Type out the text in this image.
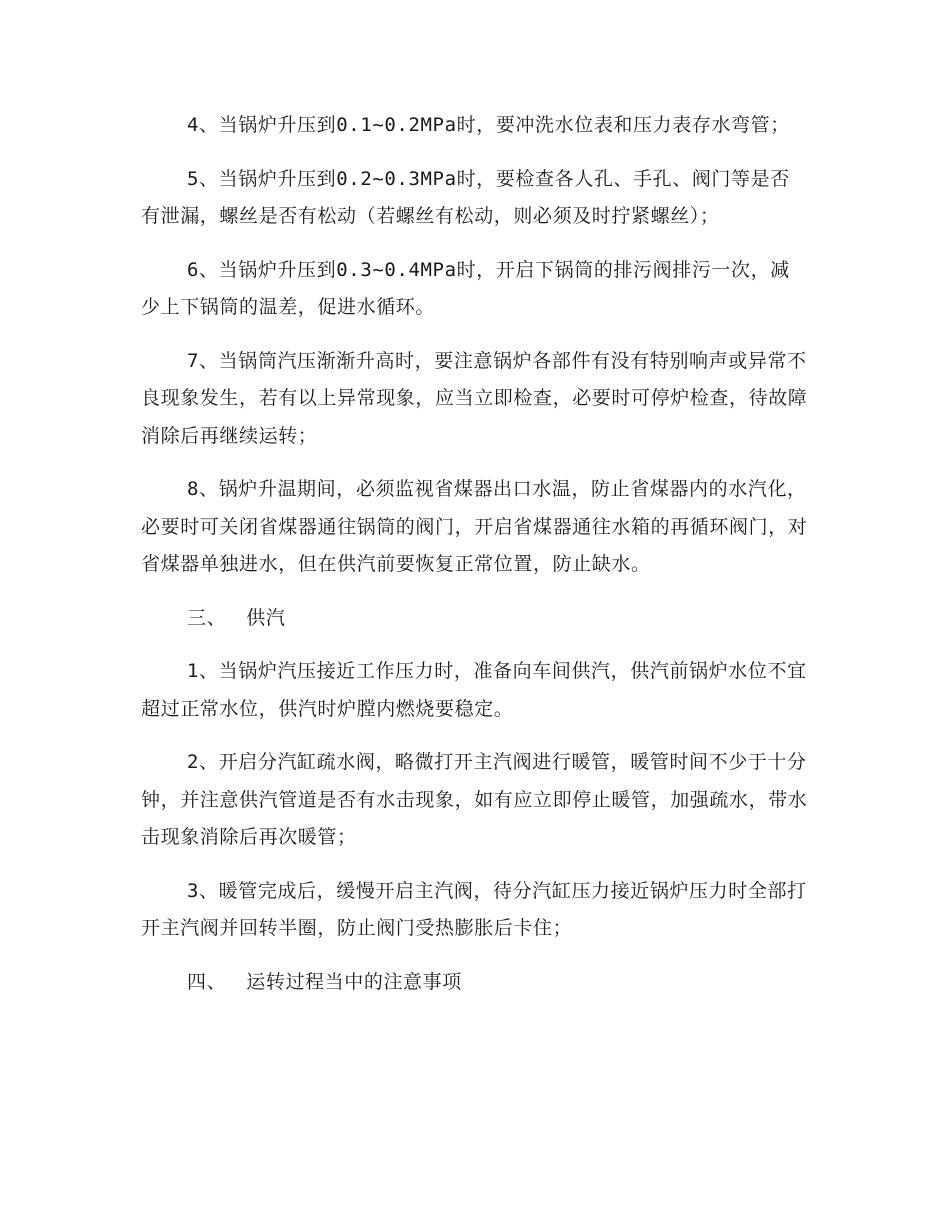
4、当锅炉升压到0.1~0.2MPa时，要冲洗水位表和压力表存水弯管；

5、当锅炉升压到0.2~0.3MPa时，要检查各人孔、手孔、阀门等是否有泄漏，螺丝是否有松动（若螺丝有松动，则必须及时拧紧螺丝）；

6、当锅炉升压到0.3~0.4MPa时，开启下锅筒的排污阀排污一次，减少上下锅筒的温差，促进水循环。

7、当锅筒汽压渐渐升高时，要注意锅炉各部件有没有特别响声或异常不良现象发生，若有以上异常现象，应当立即检查，必要时可停炉检查，待故障消除后再继续运转；

8、锅炉升温期间，必须监视省煤器出口水温，防止省煤器内的水汽化，必要时可关闭省煤器通往锅筒的阀门，开启省煤器通往水箱的再循环阀门，对省煤器单独进水，但在供汽前要恢复正常位置，防止缺水。

三、 供汽

1、当锅炉汽压接近工作压力时，准备向车间供汽，供汽前锅炉水位不宜超过正常水位，供汽时炉膛内燃烧要稳定。

2、开启分汽缸疏水阀，略微打开主汽阀进行暖管，暖管时间不少于十分钟，并注意供汽管道是否有水击现象，如有应立即停止暖管，加强疏水，带水击现象消除后再次暖管；

3、暖管完成后，缓慢开启主汽阀，待分汽缸压力接近锅炉压力时全部打开主汽阀并回转半圈，防止阀门受热膨胀后卡住；

四、 运转过程当中的注意事项
